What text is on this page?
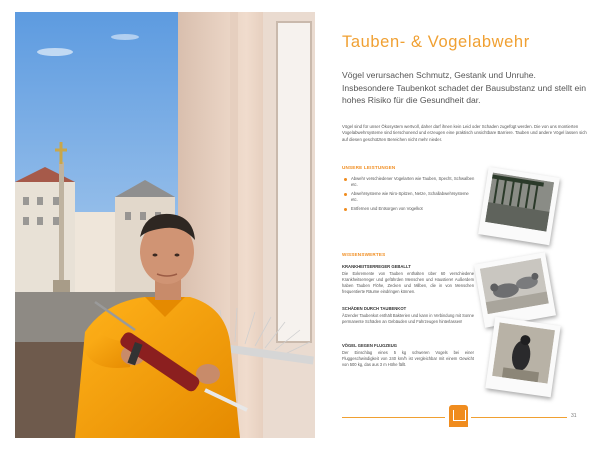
Tauben- & Vogelabwehr

Vögel verursachen Schmutz, Gestank und Unruhe. Insbesondere Taubenkot schadet der Bausubstanz und stellt ein hohes Risiko für die Gesundheit dar.

Vögel sind für unser Ökosystem wertvoll, daher darf ihnen kein Leid oder Schaden zugefügt werden. Die von uns montierten Vogelabwehrsysteme sind tierschonend und erzeugen eine praktisch unsichtbare Barriere. Tauben und andere Vögel lassen sich auf diesen geschützten Bereichen nicht mehr nieder.

UNSERE LEISTUNGEN
Abwehr verschiedener Vogelarten wie Tauben, Specht, Schwalben etc.
Abwehrsysteme wie Niro-Spitzen, Netze, Schallabwehrsysteme etc.
Entfernen und Entsorgen von Vogelkot
WISSENSWERTES
KRANKHEITSERREGER GEBALLT

Die Exkremente von Tauben enthalten über 60 verschiedene Krankheitserreger und gefährden Menschen und Haustiere! Außerdem haben Tauben Flöhe, Zecken und Milben, die in von Menschen frequentierte Räume eindringen können.

SCHÄDEN DURCH TAUBENKOT

Ätzender Taubenkot enthält Bakterien und kann in Verbindung mit Sonne permanente Schäden an Gebäuden und Fahrzeugen hinterlassen!

VÖGEL GEGEN FLUGZEUG

Der Einschlag eines 5 kg schweren Vogels bei einer Fluggeschwindigkeit von 240 km/h ist vergleichbar mit einem Gewicht von 500 kg, das aus 3 m Höhe fällt.

31
